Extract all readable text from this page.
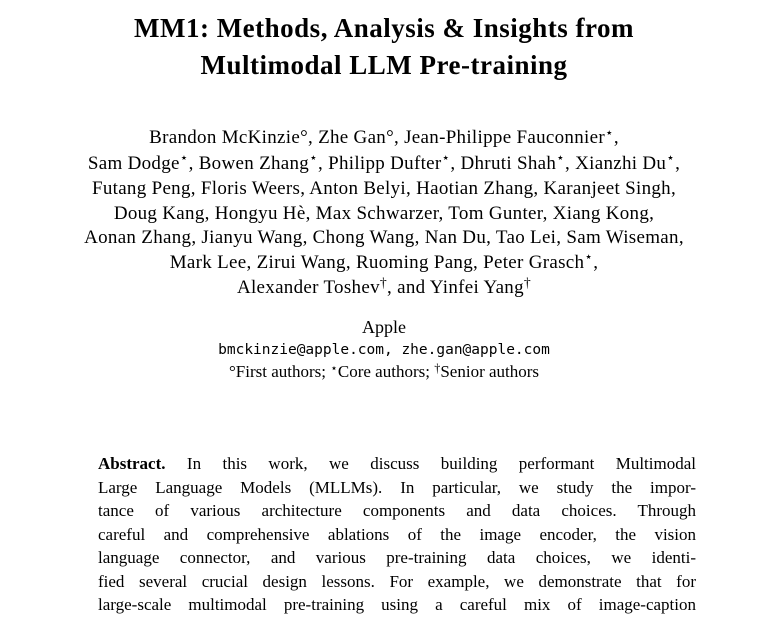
MM1: Methods, Analysis & Insights from
Multimodal LLM Pre-training
Brandon McKinzie°, Zhe Gan°, Jean-Philippe Fauconnier⋆,
Sam Dodge⋆, Bowen Zhang⋆, Philipp Dufter⋆, Dhruti Shah⋆, Xianzhi Du⋆,
Futang Peng, Floris Weers, Anton Belyi, Haotian Zhang, Karanjeet Singh,
Doug Kang, Hongyu Hè, Max Schwarzer, Tom Gunter, Xiang Kong,
Aonan Zhang, Jianyu Wang, Chong Wang, Nan Du, Tao Lei, Sam Wiseman,
Mark Lee, Zirui Wang, Ruoming Pang, Peter Grasch⋆,
Alexander Toshev†, and Yinfei Yang†
Apple
bmckinzie@apple.com, zhe.gan@apple.com
°First authors; ⋆Core authors; †Senior authors
Abstract. In this work, we discuss building performant Multimodal
Large Language Models (MLLMs). In particular, we study the impor-
tance of various architecture components and data choices. Through
careful and comprehensive ablations of the image encoder, the vision
language connector, and various pre-training data choices, we identi-
fied several crucial design lessons. For example, we demonstrate that for
large-scale multimodal pre-training using a careful mix of image-caption
